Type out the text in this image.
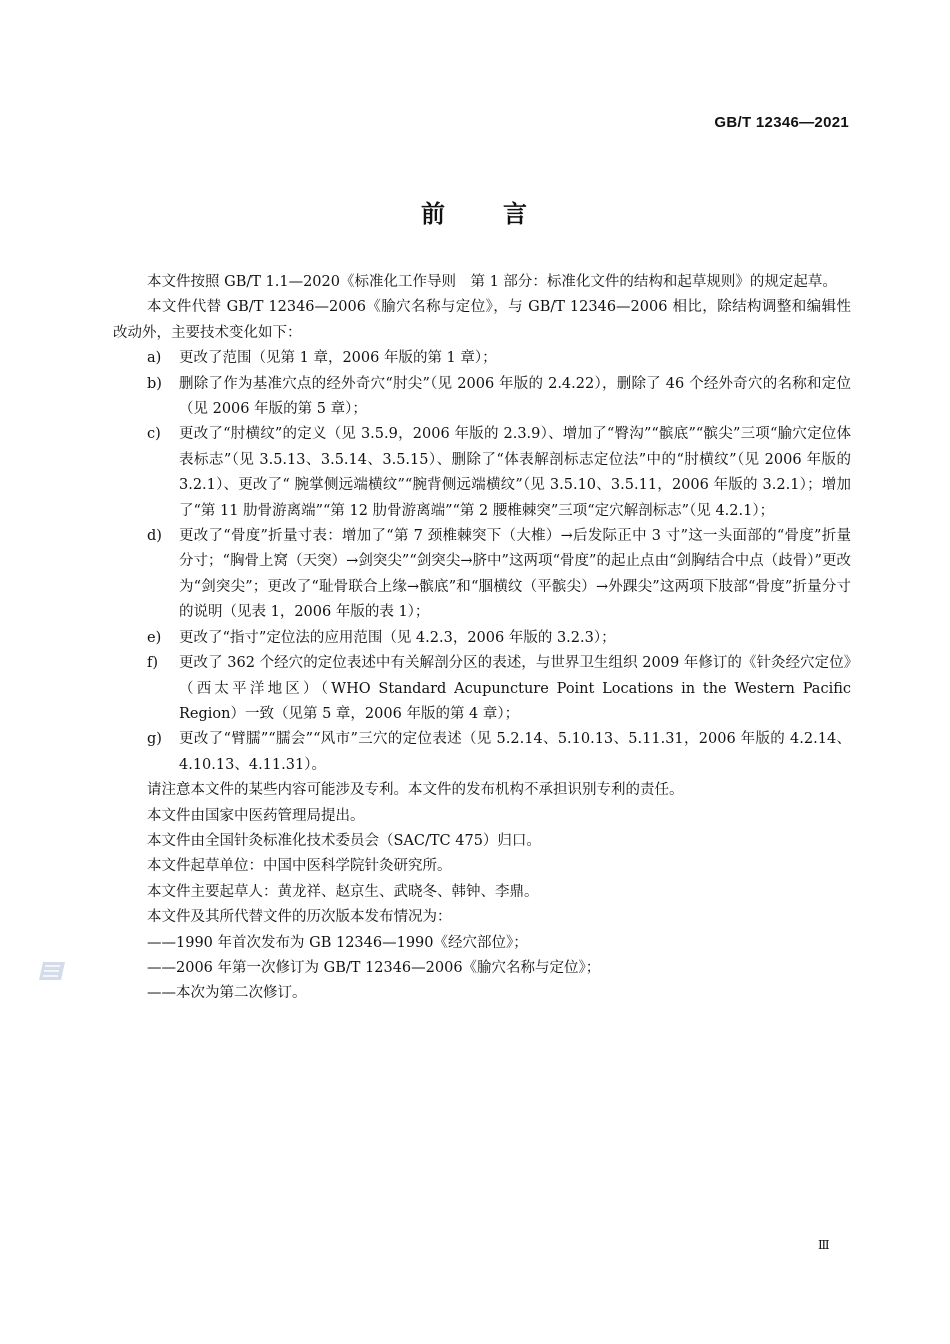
GB/T 12346—2021
前 言

本文件按照 GB/T 1.1—2020《标准化工作导则　第 1 部分：标准化文件的结构和起草规则》的规定起草。

本文件代替 GB/T 12346—2006《腧穴名称与定位》，与 GB/T 12346—2006 相比，除结构调整和编辑性改动外，主要技术变化如下：

a) 更改了范围（见第 1 章，2006 年版的第 1 章）；
b) 删除了作为基准穴点的经外奇穴“肘尖”（见 2006 年版的 2.4.22），删除了 46 个经外奇穴的名称和定位（见 2006 年版的第 5 章）；
c) 更改了“肘横纹”的定义（见 3.5.9，2006 年版的 2.3.9）、增加了“臀沟”“髌底”“髌尖”三项“腧穴定位体表标志”（见 3.5.13、3.5.14、3.5.15）、删除了“体表解剖标志定位法”中的“肘横纹”（见 2006 年版的 3.2.1）、更改了“ 腕掌侧远端横纹”“腕背侧远端横纹”（见 3.5.10、3.5.11，2006 年版的 3.2.1）；增加了“第 11 肋骨游离端”“第 12 肋骨游离端”“第 2 腰椎棘突”三项“定穴解剖标志”（见 4.2.1）；
d) 更改了“骨度”折量寸表：增加了“第 7 颈椎棘突下（大椎）→后发际正中 3 寸”这一头面部的“骨度”折量分寸；“胸骨上窝（天突）→剑突尖”“剑突尖→脐中”这两项“骨度”的起止点由“剑胸结合中点（歧骨）”更改为“剑突尖”；更改了“耻骨联合上缘→髌底”和“腘横纹（平髌尖）→外踝尖”这两项下肢部“骨度”折量分寸的说明（见表 1，2006 年版的表 1）；
e) 更改了“指寸”定位法的应用范围（见 4.2.3，2006 年版的 3.2.3）；
f) 更改了 362 个经穴的定位表述中有关解剖分区的表述，与世界卫生组织 2009 年修订的《针灸经穴定位》（西太平洋地区）（WHO Standard Acupuncture Point Locations in the Western Pacific Region）一致（见第 5 章，2006 年版的第 4 章）；
g) 更改了“臂臑”“臑会”“风市”三穴的定位表述（见 5.2.14、5.10.13、5.11.31，2006 年版的 4.2.14、4.10.13、4.11.31）。

请注意本文件的某些内容可能涉及专利。本文件的发布机构不承担识别专利的责任。

本文件由国家中医药管理局提出。

本文件由全国针灸标准化技术委员会（SAC/TC 475）归口。

本文件起草单位：中国中医科学院针灸研究所。

本文件主要起草人：黄龙祥、赵京生、武晓冬、韩钟、李鼎。

本文件及其所代替文件的历次版本发布情况为：

——1990 年首次发布为 GB 12346—1990《经穴部位》；

——2006 年第一次修订为 GB/T 12346—2006《腧穴名称与定位》；

——本次为第二次修订。

Ⅲ
